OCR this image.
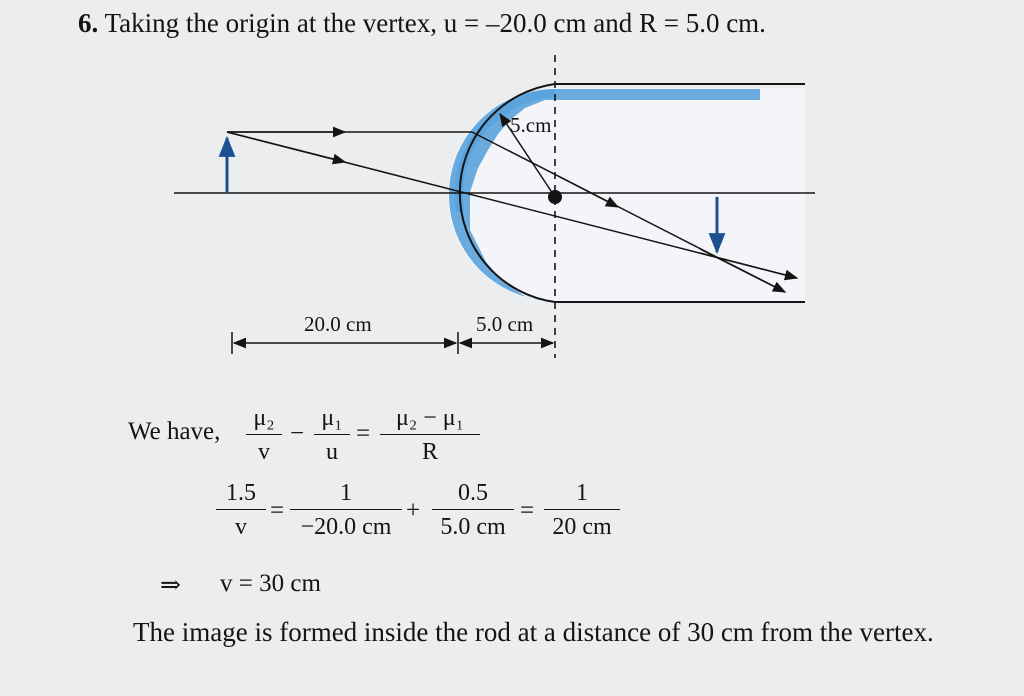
6. Taking the origin at the vertex, u = –20.0 cm and R = 5.0 cm.
5.cm
20.0 cm	5.0 cm
We have,	μ₂
v
−
μ₁
u
=
μ₂ − μ₁
R
1.5
v
=
1
−20.0 cm
+
0.5
5.0 cm
=
1
20 cm
⇒ v = 30 cm
The image is formed inside the rod at a distance of 30 cm from the vertex.
